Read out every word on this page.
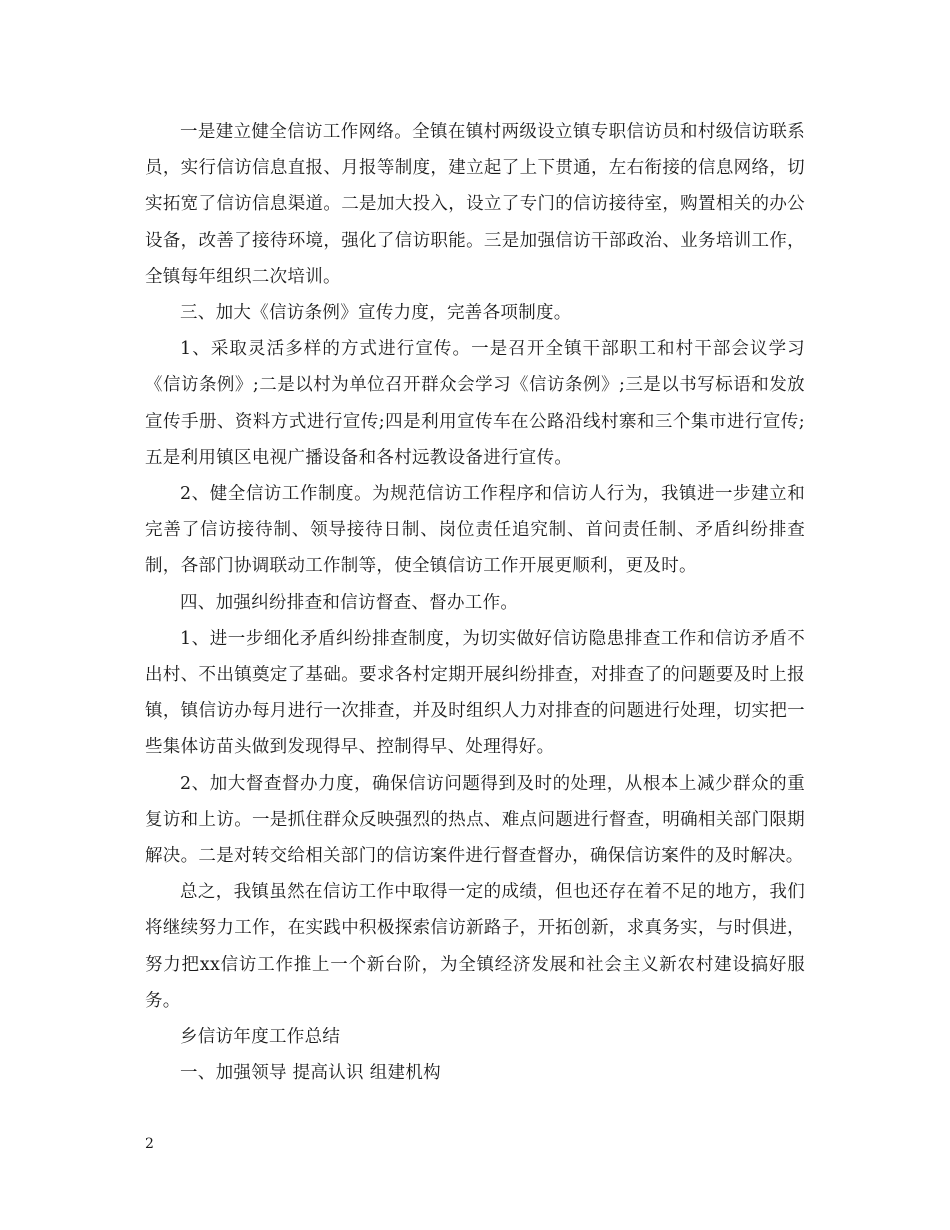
一是建立健全信访工作网络。全镇在镇村两级设立镇专职信访员和村级信访联系员，实行信访信息直报、月报等制度，建立起了上下贯通，左右衔接的信息网络，切实拓宽了信访信息渠道。二是加大投入，设立了专门的信访接待室，购置相关的办公设备，改善了接待环境，强化了信访职能。三是加强信访干部政治、业务培训工作，全镇每年组织二次培训。

三、加大《信访条例》宣传力度，完善各项制度。

1、采取灵活多样的方式进行宣传。一是召开全镇干部职工和村干部会议学习《信访条例》;二是以村为单位召开群众会学习《信访条例》;三是以书写标语和发放宣传手册、资料方式进行宣传;四是利用宣传车在公路沿线村寨和三个集市进行宣传;五是利用镇区电视广播设备和各村远教设备进行宣传。

2、健全信访工作制度。为规范信访工作程序和信访人行为，我镇进一步建立和完善了信访接待制、领导接待日制、岗位责任追究制、首问责任制、矛盾纠纷排查制，各部门协调联动工作制等，使全镇信访工作开展更顺利，更及时。

四、加强纠纷排查和信访督查、督办工作。

1、进一步细化矛盾纠纷排查制度，为切实做好信访隐患排查工作和信访矛盾不出村、不出镇奠定了基础。要求各村定期开展纠纷排查，对排查了的问题要及时上报镇，镇信访办每月进行一次排查，并及时组织人力对排查的问题进行处理，切实把一些集体访苗头做到发现得早、控制得早、处理得好。

2、加大督查督办力度，确保信访问题得到及时的处理，从根本上减少群众的重复访和上访。一是抓住群众反映强烈的热点、难点问题进行督查，明确相关部门限期解决。二是对转交给相关部门的信访案件进行督查督办，确保信访案件的及时解决。

总之，我镇虽然在信访工作中取得一定的成绩，但也还存在着不足的地方，我们将继续努力工作，在实践中积极探索信访新路子，开拓创新，求真务实，与时俱进，努力把xx信访工作推上一个新台阶，为全镇经济发展和社会主义新农村建设搞好服务。

乡信访年度工作总结

一、加强领导 提高认识 组建机构

2
